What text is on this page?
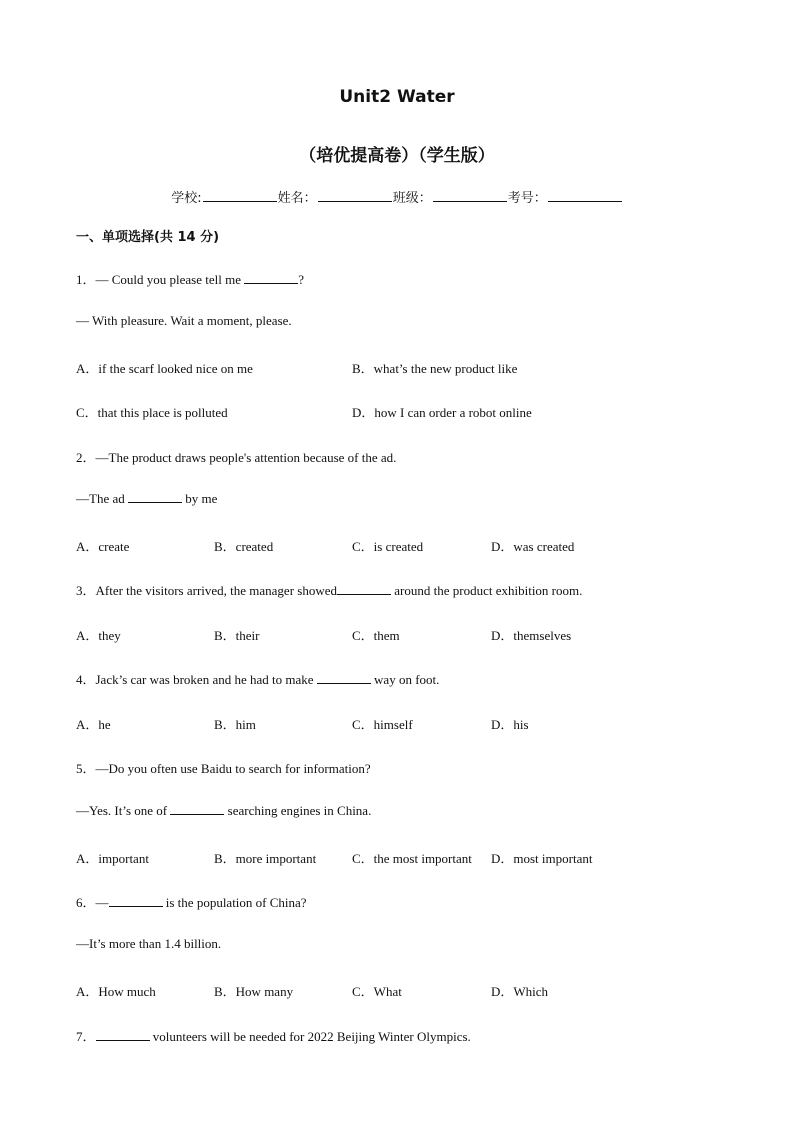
Unit2 Water
（培优提高卷）（学生版）
学校:	姓名：	班级：	考号：
一、单项选择(共 14 分)
1．— Could you please tell me	?
— With pleasure. Wait a moment, please.
A．if the scarf looked nice on me	B．what’s the new product like
C．that this place is polluted	D．how I can order a robot online
2．—The product draws people's attention because of the ad.
—The ad	by me
A．create	B．created	C．is created	D．was created
3．After the visitors arrived, the manager showed	around the product exhibition room.
A．they	B．their	C．them	D．themselves
4．Jack’s car was broken and he had to make	way on foot.
A．he	B．him	C．himself	D．his
5．—Do you often use Baidu to search for information?
—Yes. It’s one of	searching engines in China.
A．important	B．more important	C．the most important D．most important
6．—	is the population of China?
—It’s more than 1.4 billion.
A．How much	B．How many	C．What	D．Which
7．	volunteers will be needed for 2022 Beijing Winter Olympics.
